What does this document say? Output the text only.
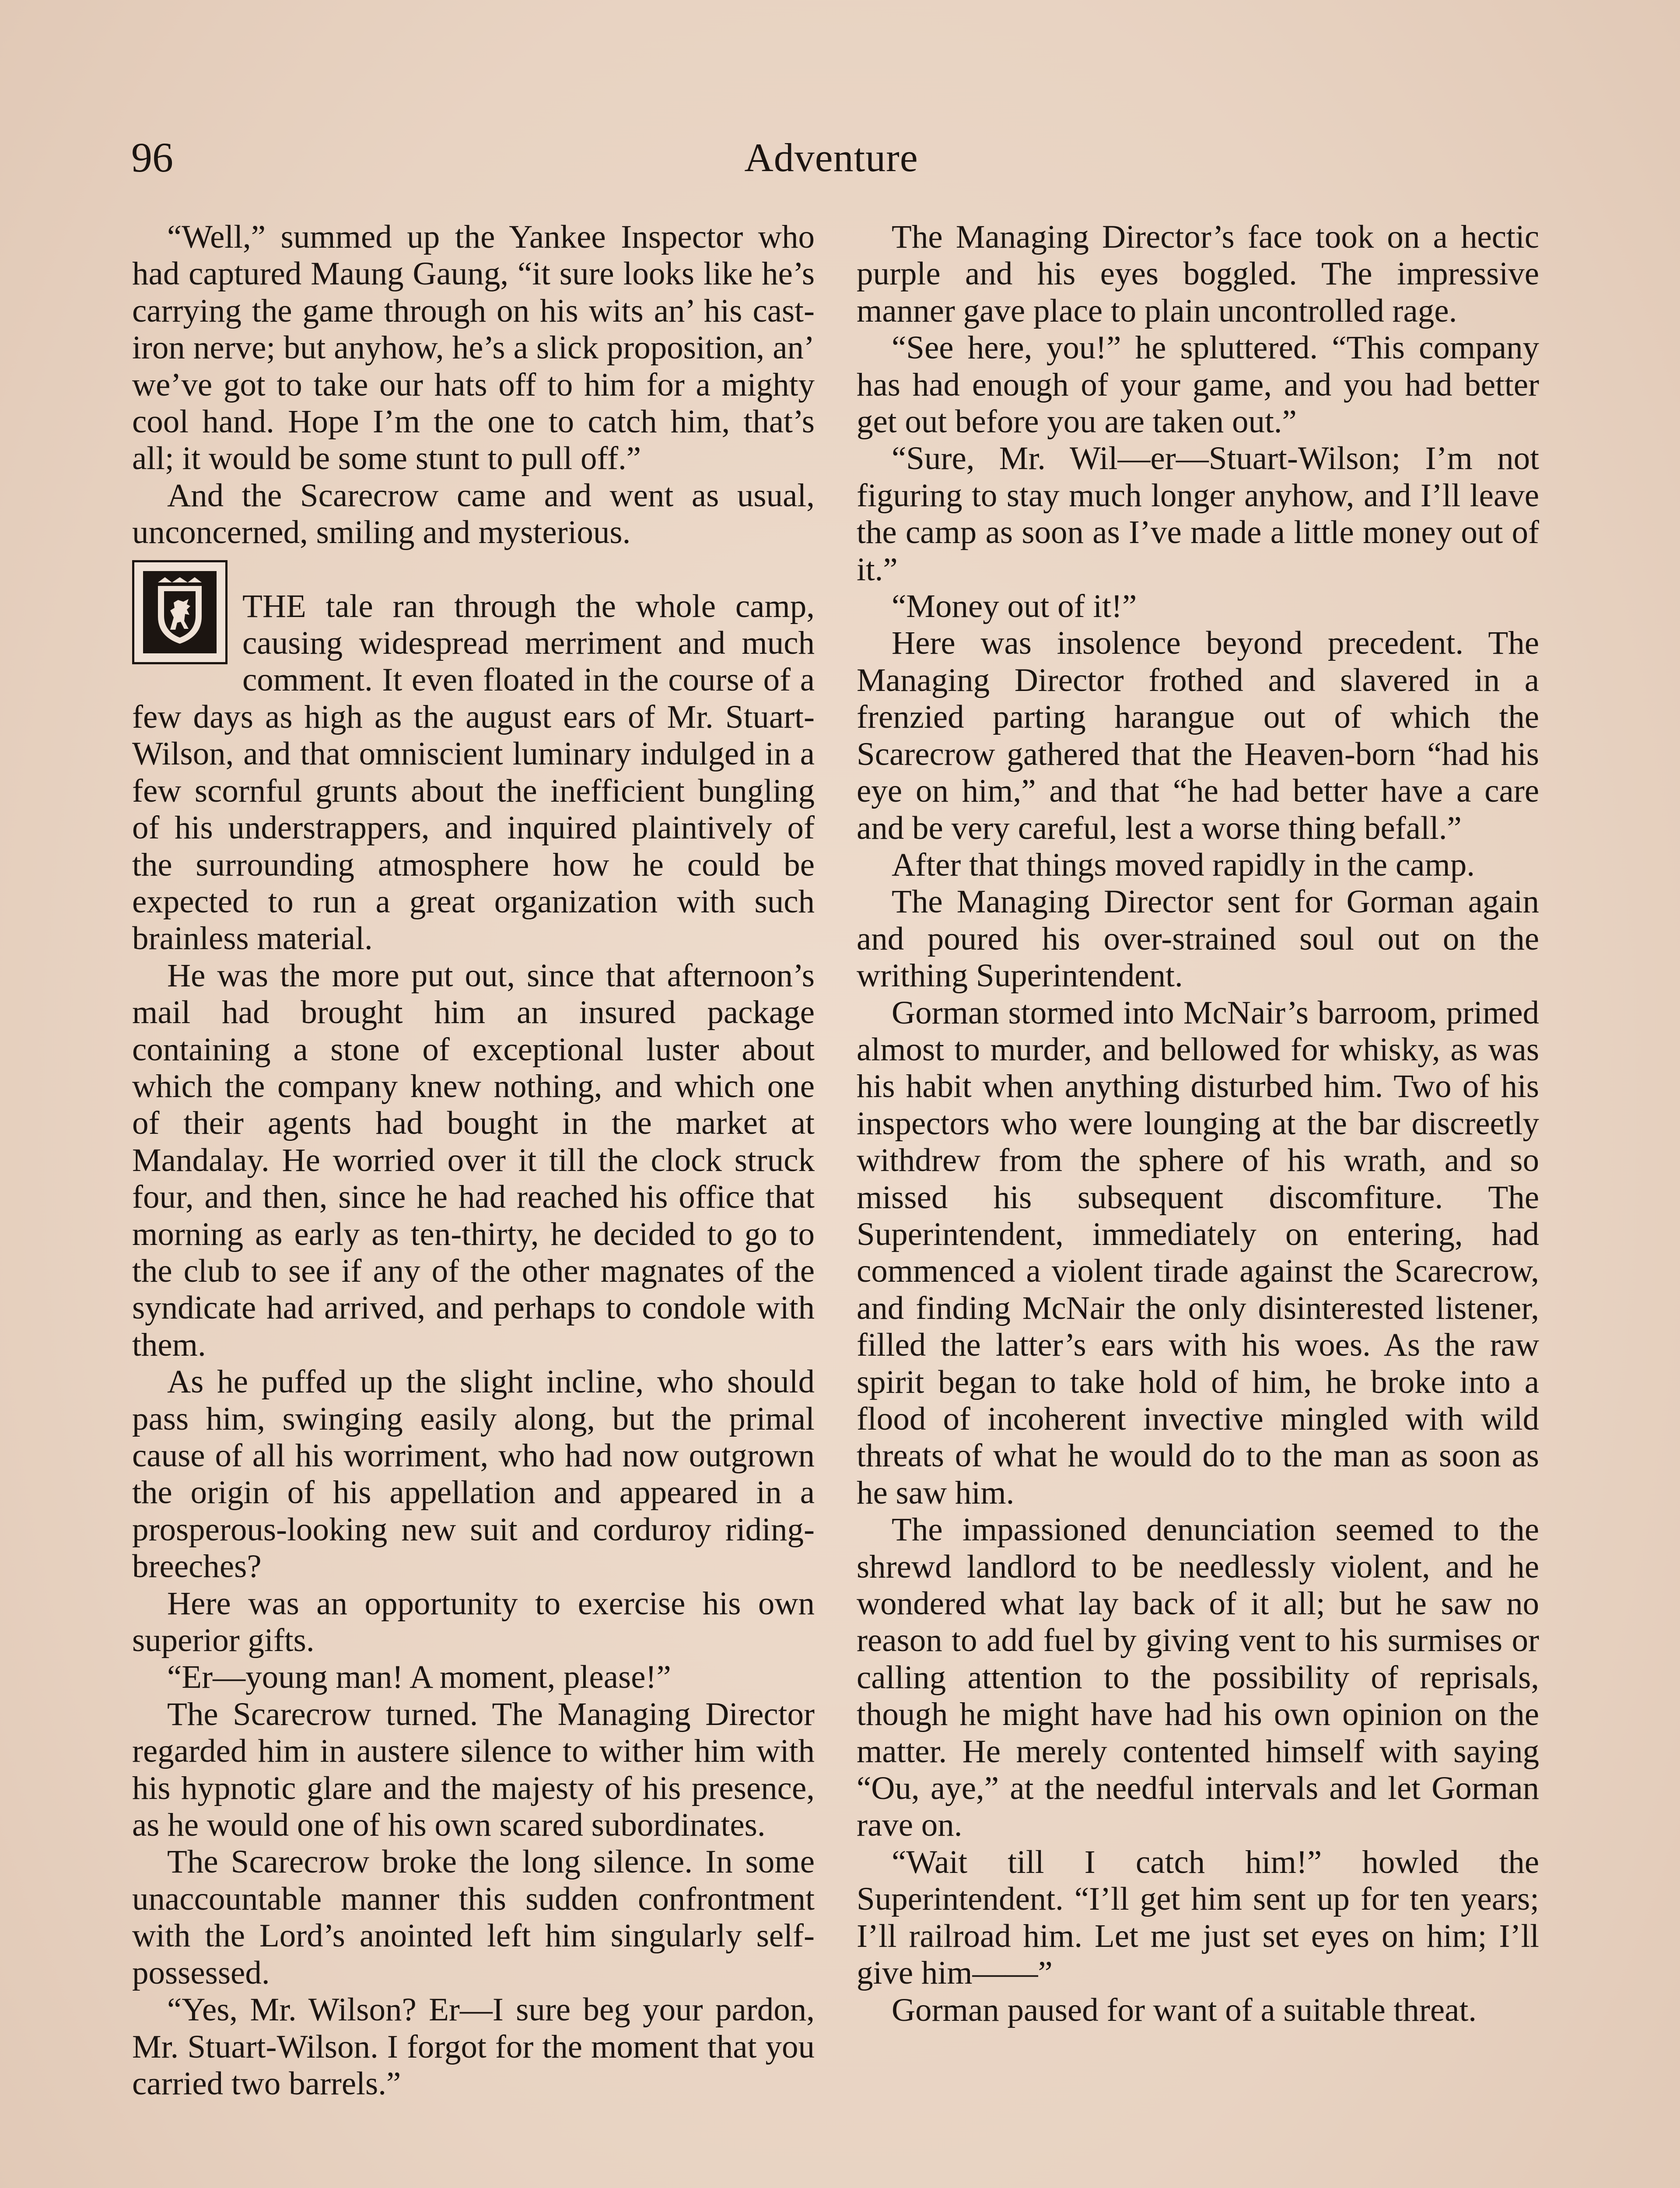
96	Adventure

“Well,” summed up the Yankee Inspector who had captured Maung Gaung, “it sure looks like he’s carrying the game through on his wits an’ his cast-iron nerve; but anyhow, he’s a slick proposition, an’ we’ve got to take our hats off to him for a mighty cool hand. Hope I’m the one to catch him, that’s all; it would be some stunt to pull off.”

And the Scarecrow came and went as usual, unconcerned, smiling and mysterious.

THE tale ran through the whole camp, causing widespread merriment and much comment. It even floated in the course of a few days as high as the august ears of Mr. Stuart-Wilson, and that omniscient luminary indulged in a few scornful grunts about the inefficient bungling of his understrappers, and inquired plaintively of the surrounding atmosphere how he could be expected to run a great organization with such brainless material.

He was the more put out, since that afternoon’s mail had brought him an insured package containing a stone of exceptional luster about which the company knew nothing, and which one of their agents had bought in the market at Mandalay. He worried over it till the clock struck four, and then, since he had reached his office that morning as early as ten-thirty, he decided to go to the club to see if any of the other magnates of the syndicate had arrived, and perhaps to condole with them.

As he puffed up the slight incline, who should pass him, swinging easily along, but the primal cause of all his worriment, who had now outgrown the origin of his appellation and appeared in a prosperous-looking new suit and corduroy riding-breeches?

Here was an opportunity to exercise his own superior gifts.

“Er—young man! A moment, please!”

The Scarecrow turned. The Managing Director regarded him in austere silence to wither him with his hypnotic glare and the majesty of his presence, as he would one of his own scared subordinates.

The Scarecrow broke the long silence. In some unaccountable manner this sudden confrontment with the Lord’s anointed left him singularly self-possessed.

“Yes, Mr. Wilson? Er—I sure beg your pardon, Mr. Stuart-Wilson. I forgot for the moment that you carried two barrels.”

The Managing Director’s face took on a hectic purple and his eyes boggled. The impressive manner gave place to plain uncontrolled rage.

“See here, you!” he spluttered. “This company has had enough of your game, and you had better get out before you are taken out.”

“Sure, Mr. Wil—er—Stuart-Wilson; I’m not figuring to stay much longer anyhow, and I’ll leave the camp as soon as I’ve made a little money out of it.”

“Money out of it!”

Here was insolence beyond precedent. The Managing Director frothed and slavered in a frenzied parting harangue out of which the Scarecrow gathered that the Heaven-born “had his eye on him,” and that “he had better have a care and be very careful, lest a worse thing befall.”

After that things moved rapidly in the camp.

The Managing Director sent for Gorman again and poured his over-strained soul out on the writhing Superintendent.

Gorman stormed into McNair’s barroom, primed almost to murder, and bellowed for whisky, as was his habit when anything disturbed him. Two of his inspectors who were lounging at the bar discreetly withdrew from the sphere of his wrath, and so missed his subsequent discomfiture. The Superintendent, immediately on entering, had commenced a violent tirade against the Scarecrow, and finding McNair the only disinterested listener, filled the latter’s ears with his woes. As the raw spirit began to take hold of him, he broke into a flood of incoherent invective mingled with wild threats of what he would do to the man as soon as he saw him.

The impassioned denunciation seemed to the shrewd landlord to be needlessly violent, and he wondered what lay back of it all; but he saw no reason to add fuel by giving vent to his surmises or calling attention to the possibility of reprisals, though he might have had his own opinion on the matter. He merely contented himself with saying “Ou, aye,” at the needful intervals and let Gorman rave on.

“Wait till I catch him!” howled the Superintendent. “I’ll get him sent up for ten years; I’ll railroad him. Let me just set eyes on him; I’ll give him——”

Gorman paused for want of a suitable threat.
